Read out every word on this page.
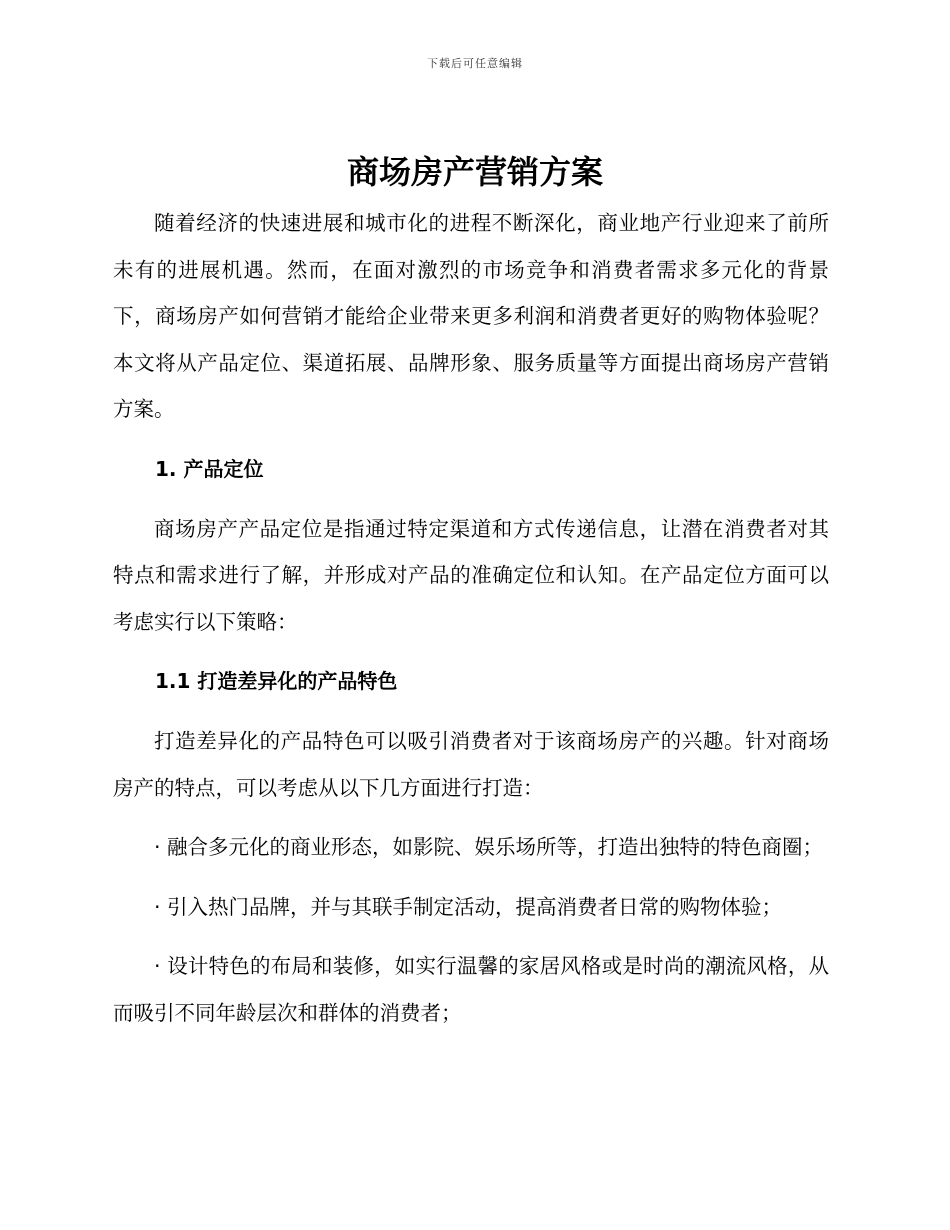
下载后可任意编辑
商场房产营销方案

随着经济的快速进展和城市化的进程不断深化，商业地产行业迎来了前所未有的进展机遇。然而，在面对激烈的市场竞争和消费者需求多元化的背景下，商场房产如何营销才能给企业带来更多利润和消费者更好的购物体验呢？本文将从产品定位、渠道拓展、品牌形象、服务质量等方面提出商场房产营销方案。

1. 产品定位

商场房产产品定位是指通过特定渠道和方式传递信息，让潜在消费者对其特点和需求进行了解，并形成对产品的准确定位和认知。在产品定位方面可以考虑实行以下策略：

1.1 打造差异化的产品特色

打造差异化的产品特色可以吸引消费者对于该商场房产的兴趣。针对商场房产的特点，可以考虑从以下几方面进行打造：

· 融合多元化的商业形态，如影院、娱乐场所等，打造出独特的特色商圈；

· 引入热门品牌，并与其联手制定活动，提高消费者日常的购物体验；

· 设计特色的布局和装修，如实行温馨的家居风格或是时尚的潮流风格，从而吸引不同年龄层次和群体的消费者；
